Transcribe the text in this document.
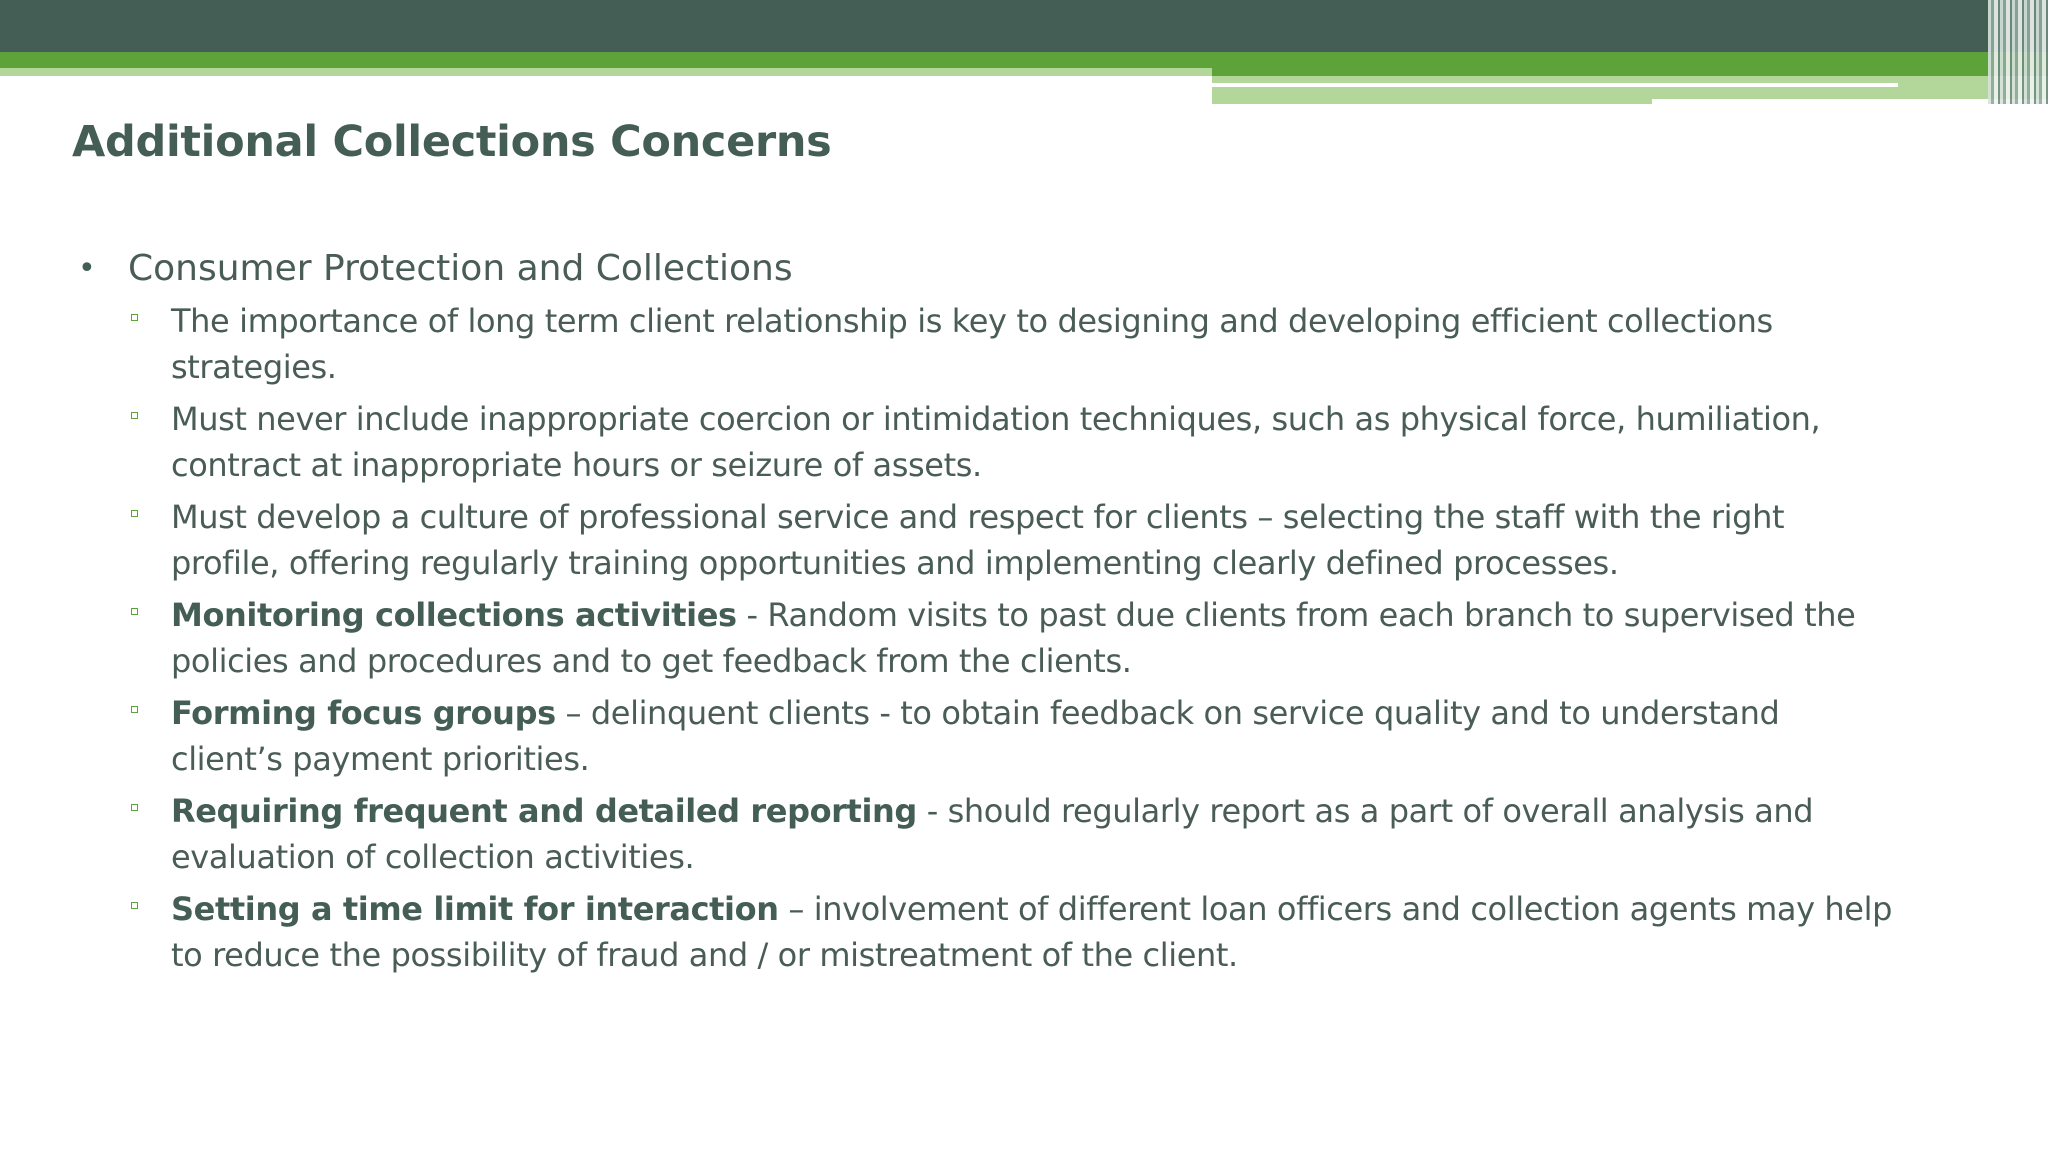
Additional Collections Concerns
• Consumer Protection and Collections
The importance of long term client relationship is key to designing and developing efficient collections strategies.
Must never include inappropriate coercion or intimidation techniques, such as physical force, humiliation, contract at inappropriate hours or seizure of assets.
Must develop a culture of professional service and respect for clients – selecting the staff with the right profile, offering regularly training opportunities and implementing clearly defined processes.
Monitoring collections activities - Random visits to past due clients from each branch to supervised the policies and procedures and to get feedback from the clients.
Forming focus groups – delinquent clients - to obtain feedback on service quality and to understand client’s payment priorities.
Requiring frequent and detailed reporting - should regularly report as a part of overall analysis and evaluation of collection activities.
Setting a time limit for interaction – involvement of different loan officers and collection agents may help to reduce the possibility of fraud and / or mistreatment of the client.
